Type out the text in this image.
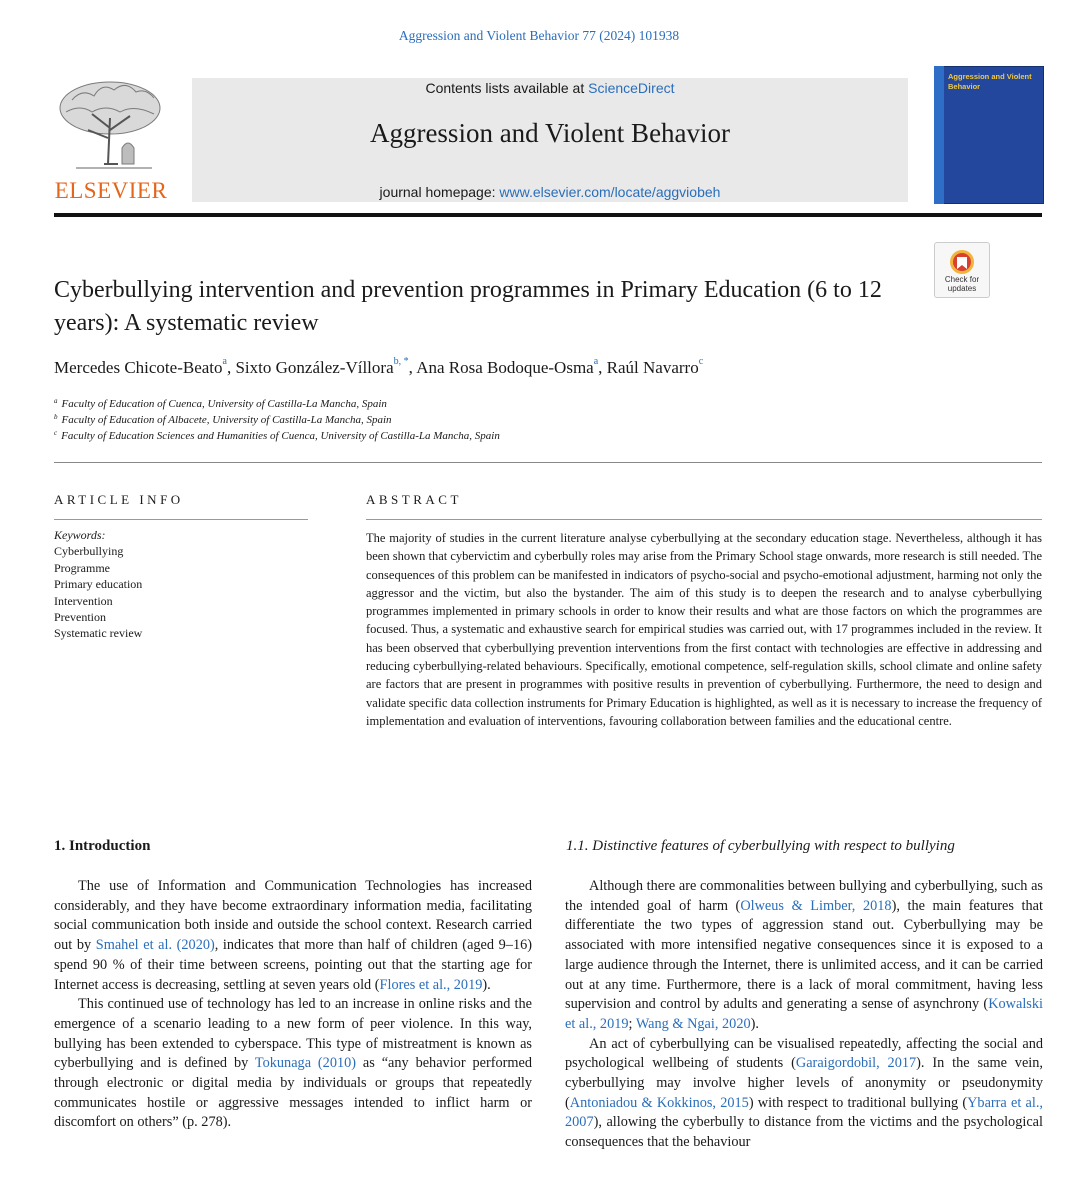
Aggression and Violent Behavior 77 (2024) 101938
ELSEVIER
Contents lists available at ScienceDirect
Aggression and Violent Behavior
journal homepage: www.elsevier.com/locate/aggviobeh
Aggression and Violent Behavior
Check for updates
Cyberbullying intervention and prevention programmes in Primary Education (6 to 12 years): A systematic review
Mercedes Chicote-Beato$^a$, Sixto González-Víllora$^{b, *}$, Ana Rosa Bodoque-Osma$^a$, Raúl Navarro$^c$
$^a$ Faculty of Education of Cuenca, University of Castilla-La Mancha, Spain
$^b$ Faculty of Education of Albacete, University of Castilla-La Mancha, Spain
$^c$ Faculty of Education Sciences and Humanities of Cuenca, University of Castilla-La Mancha, Spain
ARTICLE INFO	ABSTRACT
Keywords:
Cyberbullying
Programme
Primary education
Intervention
Prevention
Systematic review
The majority of studies in the current literature analyse cyberbullying at the secondary education stage. Nevertheless, although it has been shown that cybervictim and cyberbully roles may arise from the Primary School stage onwards, more research is still needed. The consequences of this problem can be manifested in indicators of psycho-social and psycho-emotional adjustment, harming not only the aggressor and the victim, but also the bystander. The aim of this study is to deepen the research and to analyse cyberbullying programmes implemented in primary schools in order to know their results and what are those factors on which the programmes are focused. Thus, a systematic and exhaustive search for empirical studies was carried out, with 17 programmes included in the review. It has been observed that cyberbullying prevention interventions from the first contact with technologies are effective in addressing and reducing cyberbullying-related behaviours. Specifically, emotional competence, self-regulation skills, school climate and online safety are factors that are present in programmes with positive results in prevention of cyberbullying. Furthermore, the need to design and validate specific data collection instruments for Primary Education is highlighted, as well as it is necessary to increase the frequency of implementation and evaluation of interventions, favouring collaboration between families and the educational centre.
1. Introduction	1.1. Distinctive features of cyberbullying with respect to bullying

The use of Information and Communication Technologies has increased considerably, and they have become extraordinary information media, facilitating social communication both inside and outside the school context. Research carried out by Smahel et al. (2020), indicates that more than half of children (aged 9–16) spend 90 % of their time between screens, pointing out that the starting age for Internet access is decreasing, settling at seven years old (Flores et al., 2019).

This continued use of technology has led to an increase in online risks and the emergence of a scenario leading to a new form of peer violence. In this way, bullying has been extended to cyberspace. This type of mistreatment is known as cyberbullying and is defined by Tokunaga (2010) as “any behavior performed through electronic or digital media by individuals or groups that repeatedly communicates hostile or aggressive messages intended to inflict harm or discomfort on others” (p. 278).

Although there are commonalities between bullying and cyberbullying, such as the intended goal of harm (Olweus & Limber, 2018), the main features that differentiate the two types of aggression stand out. Cyberbullying may be associated with more intensified negative consequences since it is exposed to a large audience through the Internet, there is unlimited access, and it can be carried out at any time. Furthermore, there is a lack of moral commitment, having less supervision and control by adults and generating a sense of asynchrony (Kowalski et al., 2019; Wang & Ngai, 2020).

An act of cyberbullying can be visualised repeatedly, affecting the social and psychological wellbeing of students (Garaigordobil, 2017). In the same vein, cyberbullying may involve higher levels of anonymity or pseudonymity (Antoniadou & Kokkinos, 2015) with respect to traditional bullying (Ybarra et al., 2007), allowing the cyberbully to distance from the victims and the psychological consequences that the behaviour
